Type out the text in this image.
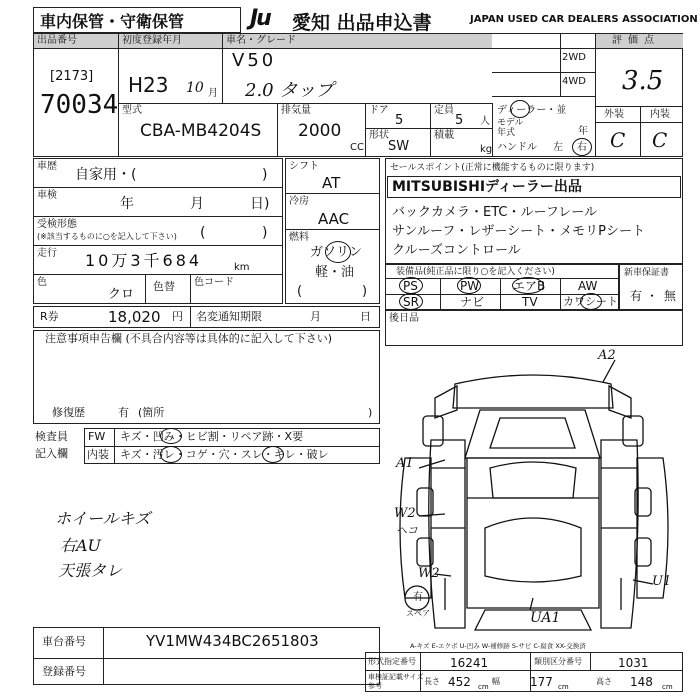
車内保管・守衛保管	Ju 愛知 出品申込書	JAPAN USED CAR DEALERS ASSOCIATION
出品番号
[2173]
70034
初度登録年月
H23 10 月
車名・グレード
V50
2.0 タップ
2WD
4WD
ディーラー・並
モデル
年式	年
ハンドル 左 右
評価点
3.5
外装	内装
C C
型式
CBA-MB4204S
排気量
2000
CC
ドア
5
定員
5 人
形状
SW
積載
kg
車歴
自家用・(	)
車検
年	月	日)
受検形態
(※該当するものに○を記入して下さい) (	)
走行 10万3千684	km
色
クロ
色替 色コード
シフト
AT
冷房
AAC
燃料
ガソリン
軽・油
(	)
セールスポイント(正常に機能するものに限ります)
MITSUBISHIディーラー出品
バックカメラ・ETC・ルーフレール
サンルーフ・レザーシート・メモリPシート
クルーズコントロール
装備品(純正品に限り○を記入ください)
PS	PW	エアB	AW
SR	ナビ	TV カワシート
新車保証書
有 ・ 無
R券	18,020 円 名変通知期限	月	日 後日品
注意事項申告欄 (不具合内容等は具体的に記入して下さい)
修復歴	有 (箇所	)
検査員
記入欄
FW キズ・凹み・ヒビ割・リペア跡・X要
内装 キズ・汚レ・コゲ・穴・スレ・キレ・破レ
ホイールキズ
右AU
天張タレ
A2
A1
W2
ヘコ
W2
U1
UA1
有
スペア
A-キズ E-エクボ U-凹み W-補修跡 S-サビ C-腐食 XX-交換済
車台番号	YV1MW434BC2651803
登録番号
形式指定番号	16241	類別区分番号	1031
車検証記載サイズ
参考	長さ 452 cm
幅	177 cm
高さ 148 cm
